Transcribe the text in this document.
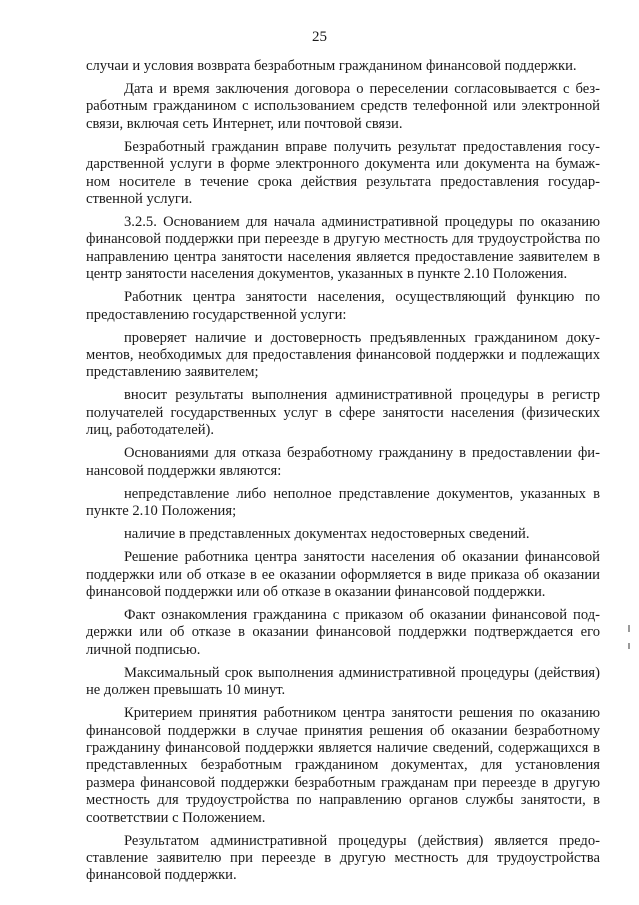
25

случаи и условия возврата безработным гражданином финансовой поддержки.

Дата и время заключения договора о переселении согласовывается с безработным гражданином с использованием средств телефонной или электронной связи, включая сеть Интернет, или почтовой связи.

Безработный гражданин вправе получить результат предоставления государственной услуги в форме электронного документа или документа на бумажном носителе в течение срока действия результата предоставления государственной услуги.

3.2.5. Основанием для начала административной процедуры по оказанию финансовой поддержки при переезде в другую местность для трудоустройства по направлению центра занятости населения является предоставление заявителем в центр занятости населения документов, указанных в пункте 2.10 Положения.

Работник центра занятости населения, осуществляющий функцию по предоставлению государственной услуги:

проверяет наличие и достоверность предъявленных гражданином документов, необходимых для предоставления финансовой поддержки и подлежащих представлению заявителем;

вносит результаты выполнения административной процедуры в регистр получателей государственных услуг в сфере занятости населения (физических лиц, работодателей).

Основаниями для отказа безработному гражданину в предоставлении финансовой поддержки являются:

непредставление либо неполное представление документов, указанных в пункте 2.10 Положения;

наличие в представленных документах недостоверных сведений.

Решение работника центра занятости населения об оказании финансовой поддержки или об отказе в ее оказании оформляется в виде приказа об оказании финансовой поддержки или об отказе в оказании финансовой поддержки.

Факт ознакомления гражданина с приказом об оказании финансовой поддержки или об отказе в оказании финансовой поддержки подтверждается его личной подписью.

Максимальный срок выполнения административной процедуры (действия) не должен превышать 10 минут.

Критерием принятия работником центра занятости решения по оказанию финансовой поддержки в случае принятия решения об оказании безработному гражданину финансовой поддержки является наличие сведений, содержащихся в представленных безработным гражданином документах, для установления размера финансовой поддержки безработным гражданам при переезде в другую местность для трудоустройства по направлению органов службы занятости, в соответствии с Положением.

Результатом административной процедуры (действия) является предоставление заявителю при переезде в другую местность для трудоустройства финансовой поддержки.
